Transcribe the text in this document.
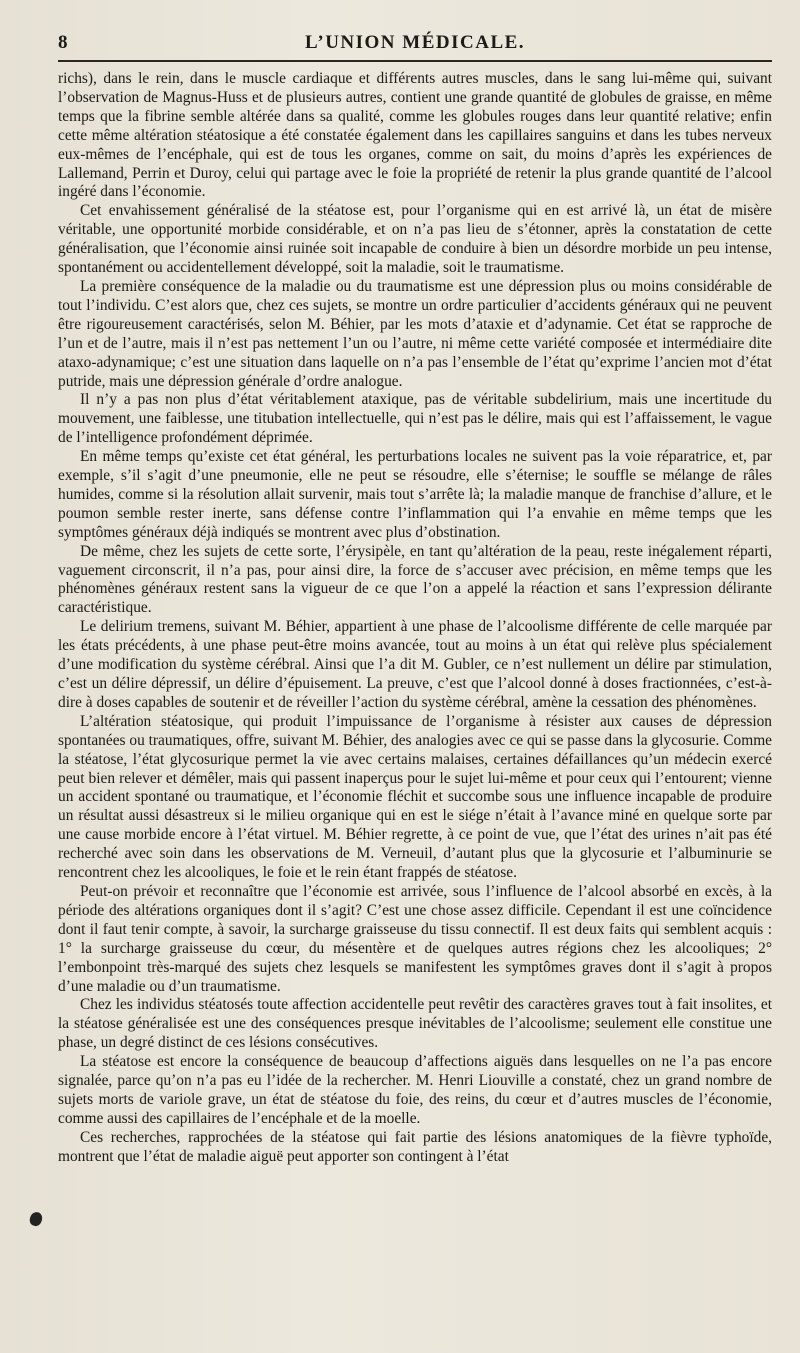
8	L’UNION MÉDICALE.

richs), dans le rein, dans le muscle cardiaque et différents autres muscles, dans le sang lui-même qui, suivant l’observation de Magnus-Huss et de plusieurs autres, contient une grande quantité de globules de graisse, en même temps que la fibrine semble altérée dans sa qualité, comme les globules rouges dans leur quantité relative; enfin cette même altération stéatosique a été constatée également dans les capillaires sanguins et dans les tubes nerveux eux-mêmes de l’encéphale, qui est de tous les organes, comme on sait, du moins d’après les expériences de Lallemand, Perrin et Duroy, celui qui partage avec le foie la propriété de retenir la plus grande quantité de l’alcool ingéré dans l’économie.

Cet envahissement généralisé de la stéatose est, pour l’organisme qui en est arrivé là, un état de misère véritable, une opportunité morbide considérable, et on n’a pas lieu de s’étonner, après la constatation de cette généralisation, que l’économie ainsi ruinée soit incapable de conduire à bien un désordre morbide un peu intense, spontanément ou accidentellement développé, soit la maladie, soit le traumatisme.

La première conséquence de la maladie ou du traumatisme est une dépression plus ou moins considérable de tout l’individu. C’est alors que, chez ces sujets, se montre un ordre particulier d’accidents généraux qui ne peuvent être rigoureusement caractérisés, selon M. Béhier, par les mots d’ataxie et d’adynamie. Cet état se rapproche de l’un et de l’autre, mais il n’est pas nettement l’un ou l’autre, ni même cette variété composée et intermédiaire dite ataxo-adynamique; c’est une situation dans laquelle on n’a pas l’ensemble de l’état qu’exprime l’ancien mot d’état putride, mais une dépression générale d’ordre analogue.

Il n’y a pas non plus d’état véritablement ataxique, pas de véritable subdelirium, mais une incertitude du mouvement, une faiblesse, une titubation intellectuelle, qui n’est pas le délire, mais qui est l’affaissement, le vague de l’intelligence profondément déprimée.

En même temps qu’existe cet état général, les perturbations locales ne suivent pas la voie réparatrice, et, par exemple, s’il s’agit d’une pneumonie, elle ne peut se résoudre, elle s’éternise; le souffle se mélange de râles humides, comme si la résolution allait survenir, mais tout s’arrête là; la maladie manque de franchise d’allure, et le poumon semble rester inerte, sans défense contre l’inflammation qui l’a envahie en même temps que les symptômes généraux déjà indiqués se montrent avec plus d’obstination.

De même, chez les sujets de cette sorte, l’érysipèle, en tant qu’altération de la peau, reste inégalement réparti, vaguement circonscrit, il n’a pas, pour ainsi dire, la force de s’accuser avec précision, en même temps que les phénomènes généraux restent sans la vigueur de ce que l’on a appelé la réaction et sans l’expression délirante caractéristique.

Le delirium tremens, suivant M. Béhier, appartient à une phase de l’alcoolisme différente de celle marquée par les états précédents, à une phase peut-être moins avancée, tout au moins à un état qui relève plus spécialement d’une modification du système cérébral. Ainsi que l’a dit M. Gubler, ce n’est nullement un délire par stimulation, c’est un délire dépressif, un délire d’épuisement. La preuve, c’est que l’alcool donné à doses fractionnées, c’est-à-dire à doses capables de soutenir et de réveiller l’action du système cérébral, amène la cessation des phénomènes.

L’altération stéatosique, qui produit l’impuissance de l’organisme à résister aux causes de dépression spontanées ou traumatiques, offre, suivant M. Béhier, des analogies avec ce qui se passe dans la glycosurie. Comme la stéatose, l’état glycosurique permet la vie avec certains malaises, certaines défaillances qu’un médecin exercé peut bien relever et démêler, mais qui passent inaperçus pour le sujet lui-même et pour ceux qui l’entourent; vienne un accident spontané ou traumatique, et l’économie fléchit et succombe sous une influence incapable de produire un résultat aussi désastreux si le milieu organique qui en est le siége n’était à l’avance miné en quelque sorte par une cause morbide encore à l’état virtuel. M. Béhier regrette, à ce point de vue, que l’état des urines n’ait pas été recherché avec soin dans les observations de M. Verneuil, d’autant plus que la glycosurie et l’albuminurie se rencontrent chez les alcooliques, le foie et le rein étant frappés de stéatose.

Peut-on prévoir et reconnaître que l’économie est arrivée, sous l’influence de l’alcool absorbé en excès, à la période des altérations organiques dont il s’agit? C’est une chose assez difficile. Cependant il est une coïncidence dont il faut tenir compte, à savoir, la surcharge graisseuse du tissu connectif. Il est deux faits qui semblent acquis : 1° la surcharge graisseuse du cœur, du mésentère et de quelques autres régions chez les alcooliques; 2° l’embonpoint très-marqué des sujets chez lesquels se manifestent les symptômes graves dont il s’agit à propos d’une maladie ou d’un traumatisme.

Chez les individus stéatosés toute affection accidentelle peut revêtir des caractères graves tout à fait insolites, et la stéatose généralisée est une des conséquences presque inévitables de l’alcoolisme; seulement elle constitue une phase, un degré distinct de ces lésions consécutives.

La stéatose est encore la conséquence de beaucoup d’affections aiguës dans lesquelles on ne l’a pas encore signalée, parce qu’on n’a pas eu l’idée de la rechercher. M. Henri Liouville a constaté, chez un grand nombre de sujets morts de variole grave, un état de stéatose du foie, des reins, du cœur et d’autres muscles de l’économie, comme aussi des capillaires de l’encéphale et de la moelle.

Ces recherches, rapprochées de la stéatose qui fait partie des lésions anatomiques de la fièvre typhoïde, montrent que l’état de maladie aiguë peut apporter son contingent à l’état
